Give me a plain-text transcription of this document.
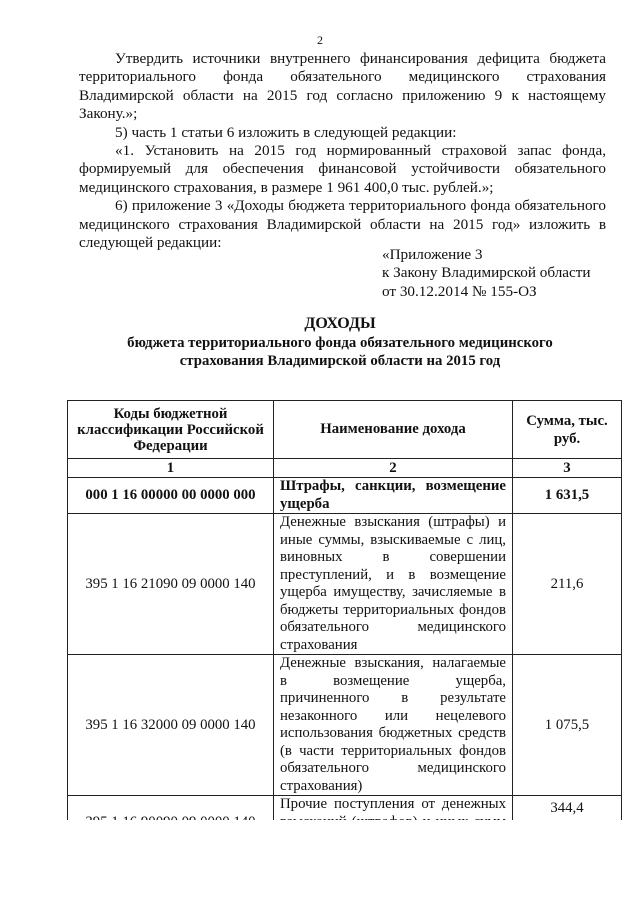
2

Утвердить источники внутреннего финансирования дефицита бюджета территориального фонда обязательного медицинского страхования Владимирской области на 2015 год согласно приложению 9 к настоящему Закону.»;

5) часть 1 статьи 6 изложить в следующей редакции:

«1. Установить на 2015 год нормированный страховой запас фонда, формируемый для обеспечения финансовой устойчивости обязательного медицинского страхования, в размере 1 961 400,0 тыс. рублей.»;

6) приложение 3 «Доходы бюджета территориального фонда обязательного медицинского страхования Владимирской области на 2015 год» изложить в следующей редакции:

«Приложение 3
к Закону Владимирской области
от 30.12.2014 № 155-ОЗ
ДОХОДЫ
бюджета территориального фонда обязательного медицинского
страхования Владимирской области на 2015 год
Коды бюджетной классификации Российской Федерации	Наименование дохода	Сумма, тыс. руб.
1	2	3
000 1 16 00000 00 0000 000	Штрафы, санкции, возмещение ущерба	1 631,5
395 1 16 21090 09 0000 140	Денежные взыскания (штрафы) и иные суммы, взыскиваемые с лиц, виновных в совершении преступлений, и в возмещение ущерба имуществу, зачисляемые в бюджеты территориальных фондов обязательного медицинского страхования	211,6
395 1 16 32000 09 0000 140	Денежные взыскания, налагаемые в возмещение ущерба, причиненного в результате незаконного или нецелевого использования бюджетных средств (в части территориальных фондов обязательного медицинского страхования)	1 075,5
	Прочие поступления от денежных	344,4
